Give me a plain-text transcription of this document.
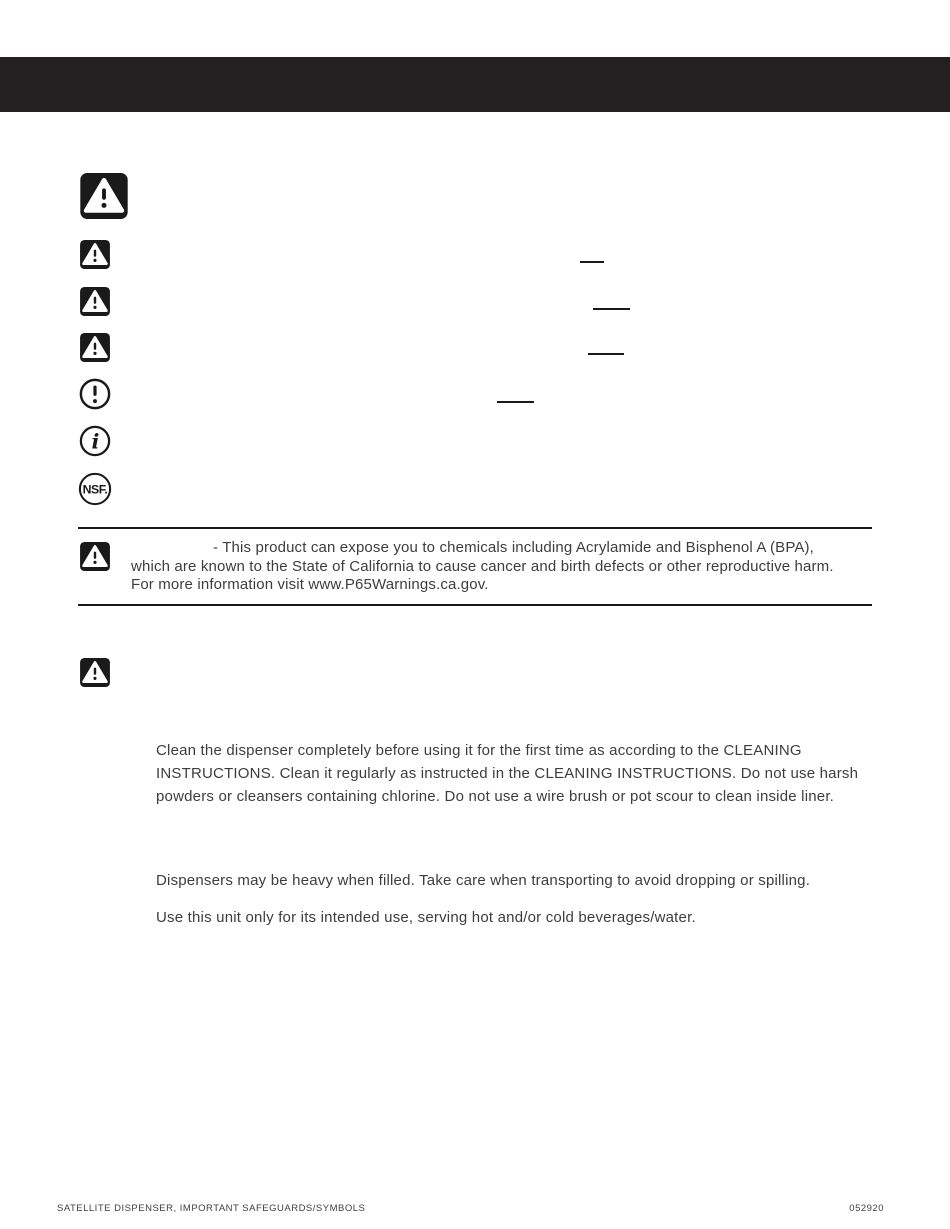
i
NSF.
- This product can expose you to chemicals including Acrylamide and Bisphenol A (BPA),
which are known to the State of California to cause cancer and birth defects or other reproductive harm.
For more information visit www.P65Warnings.ca.gov.
Clean the dispenser completely before using it for the first time as according to the CLEANING INSTRUCTIONS. Clean it regularly as instructed in the CLEANING INSTRUCTIONS. Do not use harsh powders or cleansers containing chlorine. Do not use a wire brush or pot scour to clean inside liner.
Dispensers may be heavy when filled. Take care when transporting to avoid dropping or spilling.
Use this unit only for its intended use, serving hot and/or cold beverages/water.
SATELLITE DISPENSER, IMPORTANT SAFEGUARDS/SYMBOLS	052920
